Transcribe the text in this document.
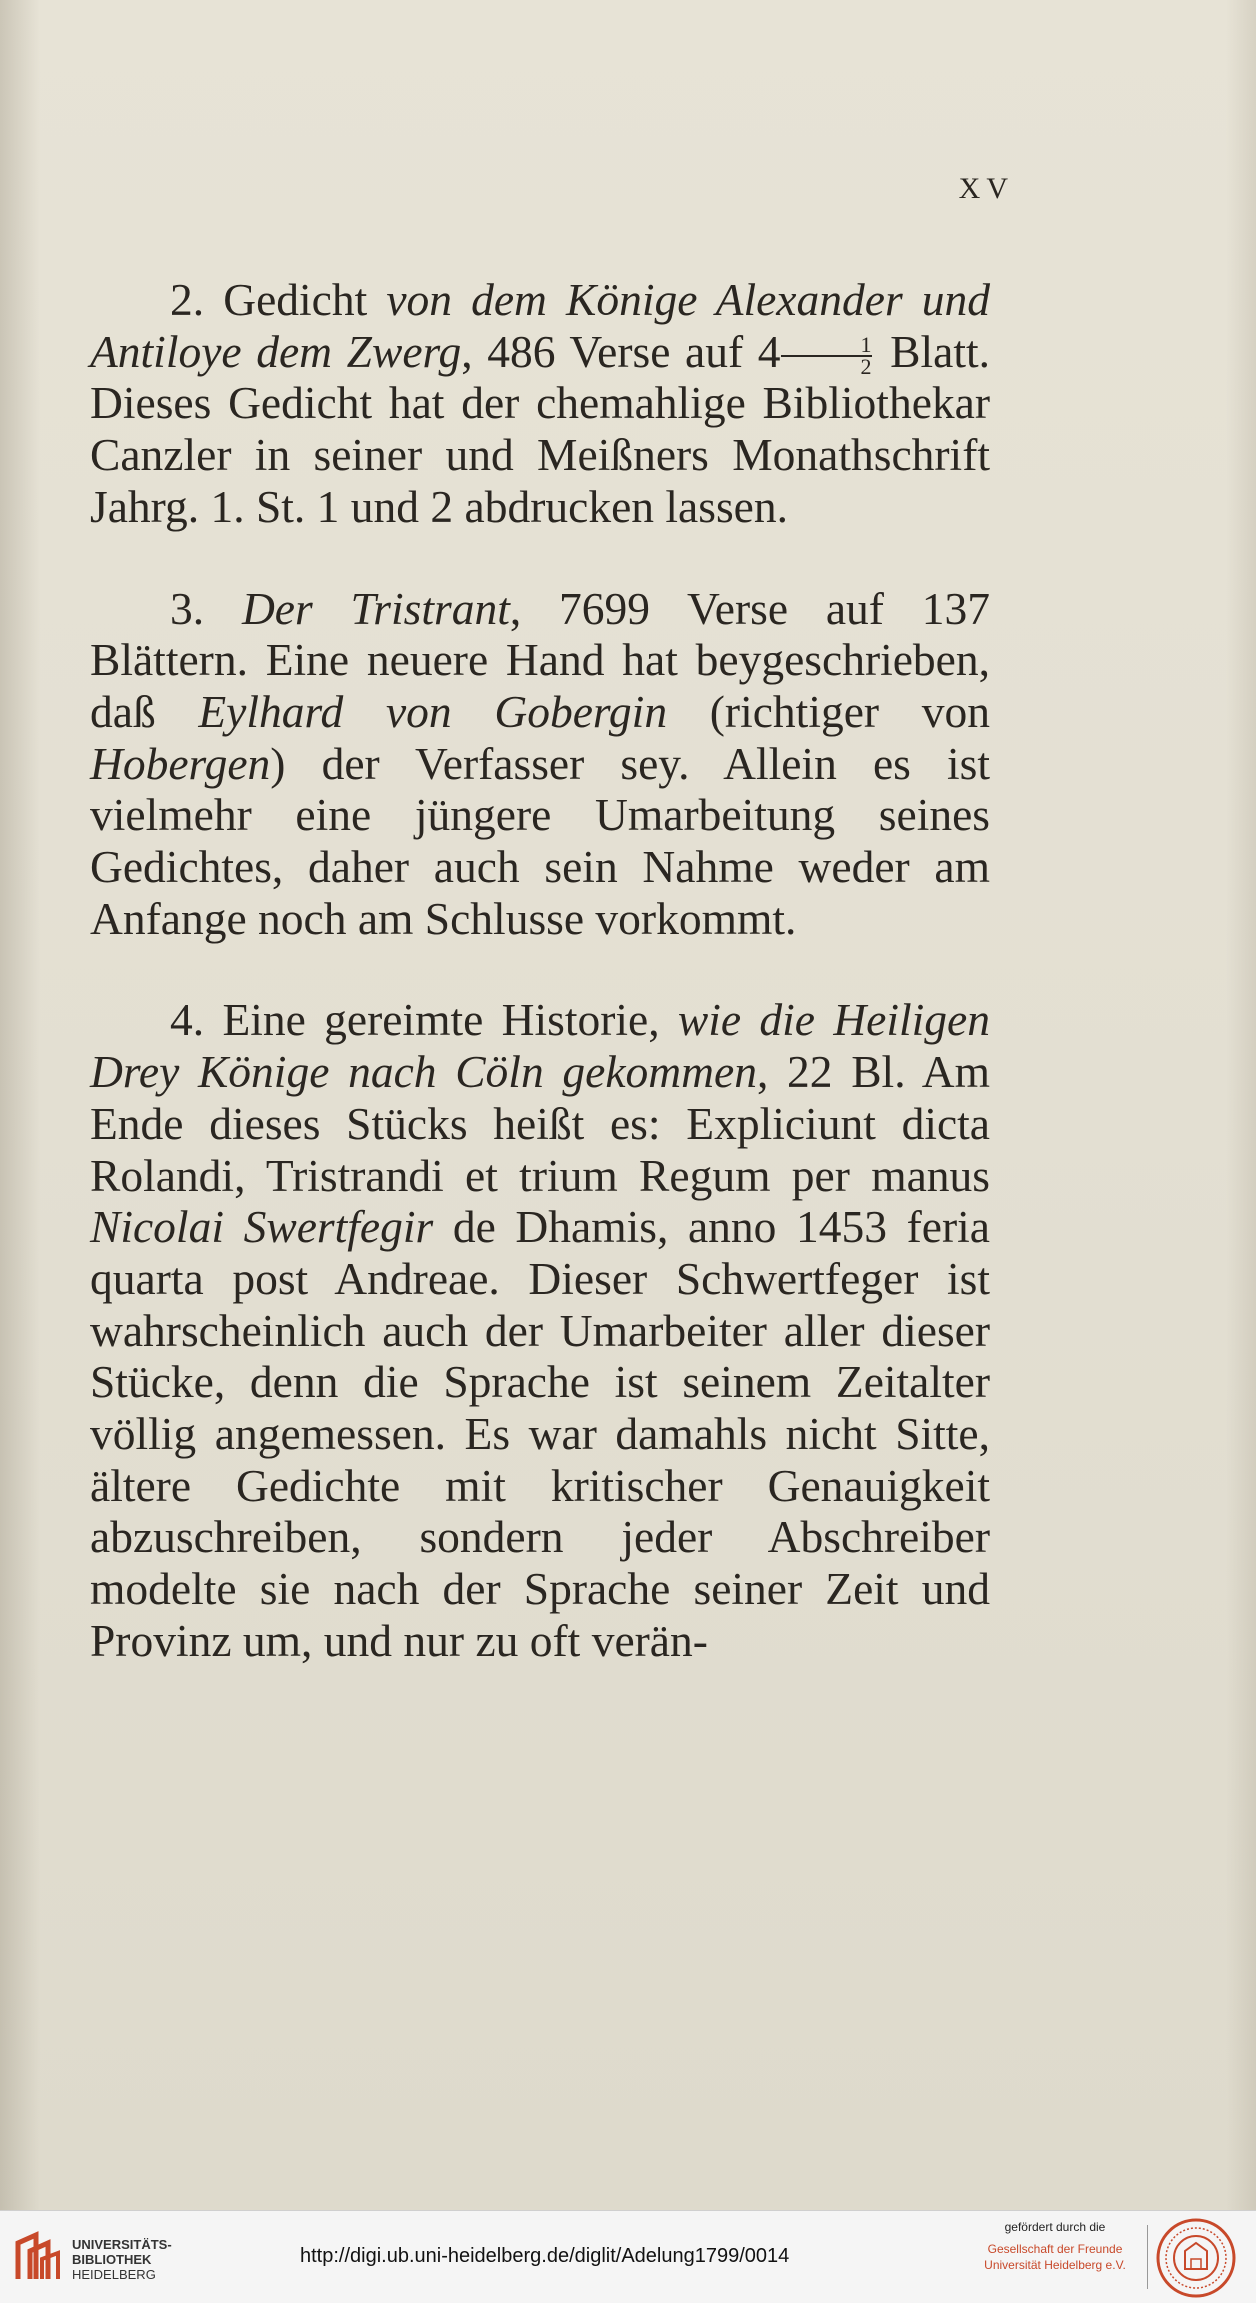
XV

2. Gedicht von dem Könige Alexander und Antiloye dem Zwerg, 486 Verse auf $4 \frac{1}{2}$ Blatt. Dieses Gedicht hat der chemahlige Bibliothekar Canzler in seiner und Meißners Monathschrift Jahrg. 1. St. 1 und 2 abdrucken lassen.

3. Der Tristrant, 7699 Verse auf 137 Blättern. Eine neuere Hand hat beygeschrieben, daß Eylhard von Gobergin (richtiger von Hobergen) der Verfasser sey. Allein es ist vielmehr eine jüngere Umarbeitung seines Gedichtes, daher auch sein Nahme weder am Anfange noch am Schlusse vorkommt.

4. Eine gereimte Historie, wie die Heiligen Drey Könige nach Cöln gekommen, 22 Bl. Am Ende dieses Stücks heißt es: Expliciunt dicta Rolandi, Tristrandi et trium Regum per manus Nicolai Swertfegir de Dhamis, anno 1453 feria quarta post Andreae. Dieser Schwertfeger ist wahrscheinlich auch der Umarbeiter aller dieser Stücke, denn die Sprache ist seinem Zeitalter völlig angemessen. Es war damahls nicht Sitte, ältere Gedichte mit kritischer Genauigkeit abzuschreiben, sondern jeder Abschreiber modelte sie nach der Sprache seiner Zeit und Provinz um, und nur zu oft verän-

UNIVERSITÄTS-
BIBLIOTHEK
HEIDELBERG
http://digi.ub.uni-heidelberg.de/diglit/Adelung1799/0014
gefördert durch die
Gesellschaft der Freunde
Universität Heidelberg e.V.
